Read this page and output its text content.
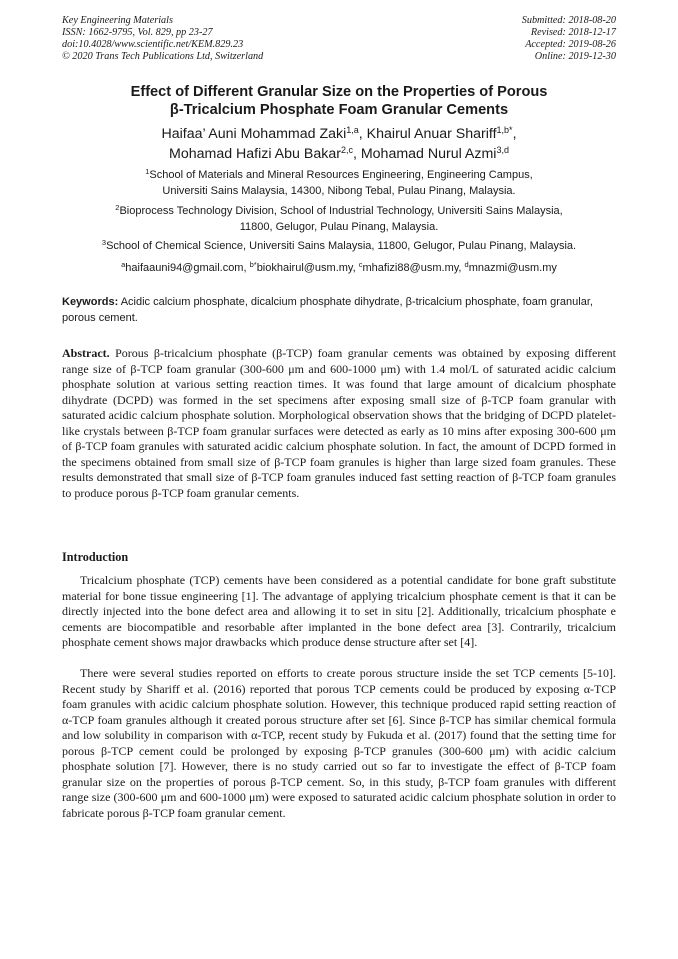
Key Engineering Materials
ISSN: 1662-9795, Vol. 829, pp 23-27
doi:10.4028/www.scientific.net/KEM.829.23
© 2020 Trans Tech Publications Ltd, Switzerland
Submitted: 2018-08-20
Revised: 2018-12-17
Accepted: 2019-08-26
Online: 2019-12-30
Effect of Different Granular Size on the Properties of Porous
β-Tricalcium Phosphate Foam Granular Cements
Haifaa’ Auni Mohammad Zaki$^{1,a}$, Khairul Anuar Shariff$^{1,b*}$,
Mohamad Hafizi Abu Bakar$^{2,c}$, Mohamad Nurul Azmi$^{3,d}$
$^1$School of Materials and Mineral Resources Engineering, Engineering Campus,
Universiti Sains Malaysia, 14300, Nibong Tebal, Pulau Pinang, Malaysia.
$^2$Bioprocess Technology Division, School of Industrial Technology, Universiti Sains Malaysia,
11800, Gelugor, Pulau Pinang, Malaysia.
$^3$School of Chemical Science, Universiti Sains Malaysia, 11800, Gelugor, Pulau Pinang, Malaysia.
$^a$haifaauni94@gmail.com, $^{b*}$biokhairul@usm.my, $^c$mhafizi88@usm.my, $^d$mnazmi@usm.my
Keywords: Acidic calcium phosphate, dicalcium phosphate dihydrate, β-tricalcium phosphate, foam granular, porous cement.
Abstract. Porous β-tricalcium phosphate (β-TCP) foam granular cements was obtained by exposing different range size of β-TCP foam granular (300-600 μm and 600-1000 μm) with 1.4 mol/L of saturated acidic calcium phosphate solution at various setting reaction times. It was found that large amount of dicalcium phosphate dihydrate (DCPD) was formed in the set specimens after exposing small size of β-TCP foam granular with saturated acidic calcium phosphate solution. Morphological observation shows that the bridging of DCPD platelet-like crystals between β-TCP foam granular surfaces were detected as early as 10 mins after exposing 300-600 μm of β-TCP foam granules with saturated acidic calcium phosphate solution. In fact, the amount of DCPD formed in the specimens obtained from small size of β-TCP foam granules is higher than large sized foam granules. These results demonstrated that small size of β-TCP foam granules induced fast setting reaction of β-TCP foam granules to produce porous β-TCP foam granular cements.
Introduction
Tricalcium phosphate (TCP) cements have been considered as a potential candidate for bone graft substitute material for bone tissue engineering [1]. The advantage of applying tricalcium phosphate cement is that it can be directly injected into the bone defect area and allowing it to set in situ [2]. Additionally, tricalcium phosphate e cements are biocompatible and resorbable after implanted in the bone defect area [3]. Contrarily, tricalcium phosphate cement shows major drawbacks which produce dense structure after set [4].
There were several studies reported on efforts to create porous structure inside the set TCP cements [5-10]. Recent study by Shariff et al. (2016) reported that porous TCP cements could be produced by exposing α-TCP foam granules with acidic calcium phosphate solution. However, this technique produced rapid setting reaction of α-TCP foam granules although it created porous structure after set [6]. Since β-TCP has similar chemical formula and low solubility in comparison with α-TCP, recent study by Fukuda et al. (2017) found that the setting time for porous β-TCP cement could be prolonged by exposing β-TCP granules (300-600 μm) with acidic calcium phosphate solution [7]. However, there is no study carried out so far to investigate the effect of β-TCP foam granular size on the properties of porous β-TCP cement. So, in this study, β-TCP foam granules with different range size (300-600 μm and 600-1000 μm) were exposed to saturated acidic calcium phosphate solution in order to fabricate porous β-TCP foam granular cement.
